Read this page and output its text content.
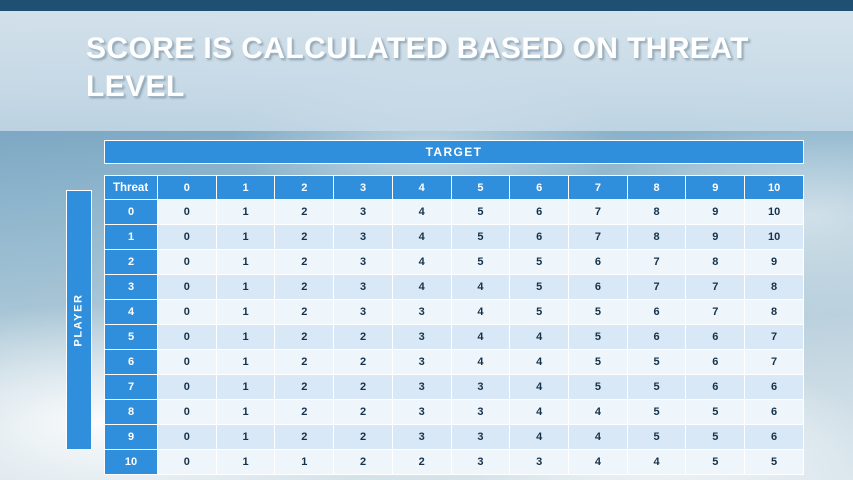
SCORE IS CALCULATED BASED ON THREAT LEVEL
TARGET
PLAYER
Threat	0	1	2	3	4	5	6	7	8	9	10
0	0	1	2	3	4	5	6	7	8	9	10
1	0	1	2	3	4	5	6	7	8	9	10
2	0	1	2	3	4	5	5	6	7	8	9
3	0	1	2	3	4	4	5	6	7	7	8
4	0	1	2	3	3	4	5	5	6	7	8
5	0	1	2	2	3	4	4	5	6	6	7
6	0	1	2	2	3	4	4	5	5	6	7
7	0	1	2	2	3	3	4	5	5	6	6
8	0	1	2	2	3	3	4	4	5	5	6
9	0	1	2	2	3	3	4	4	5	5	6
10	0	1	1	2	2	3	3	4	4	5	5
